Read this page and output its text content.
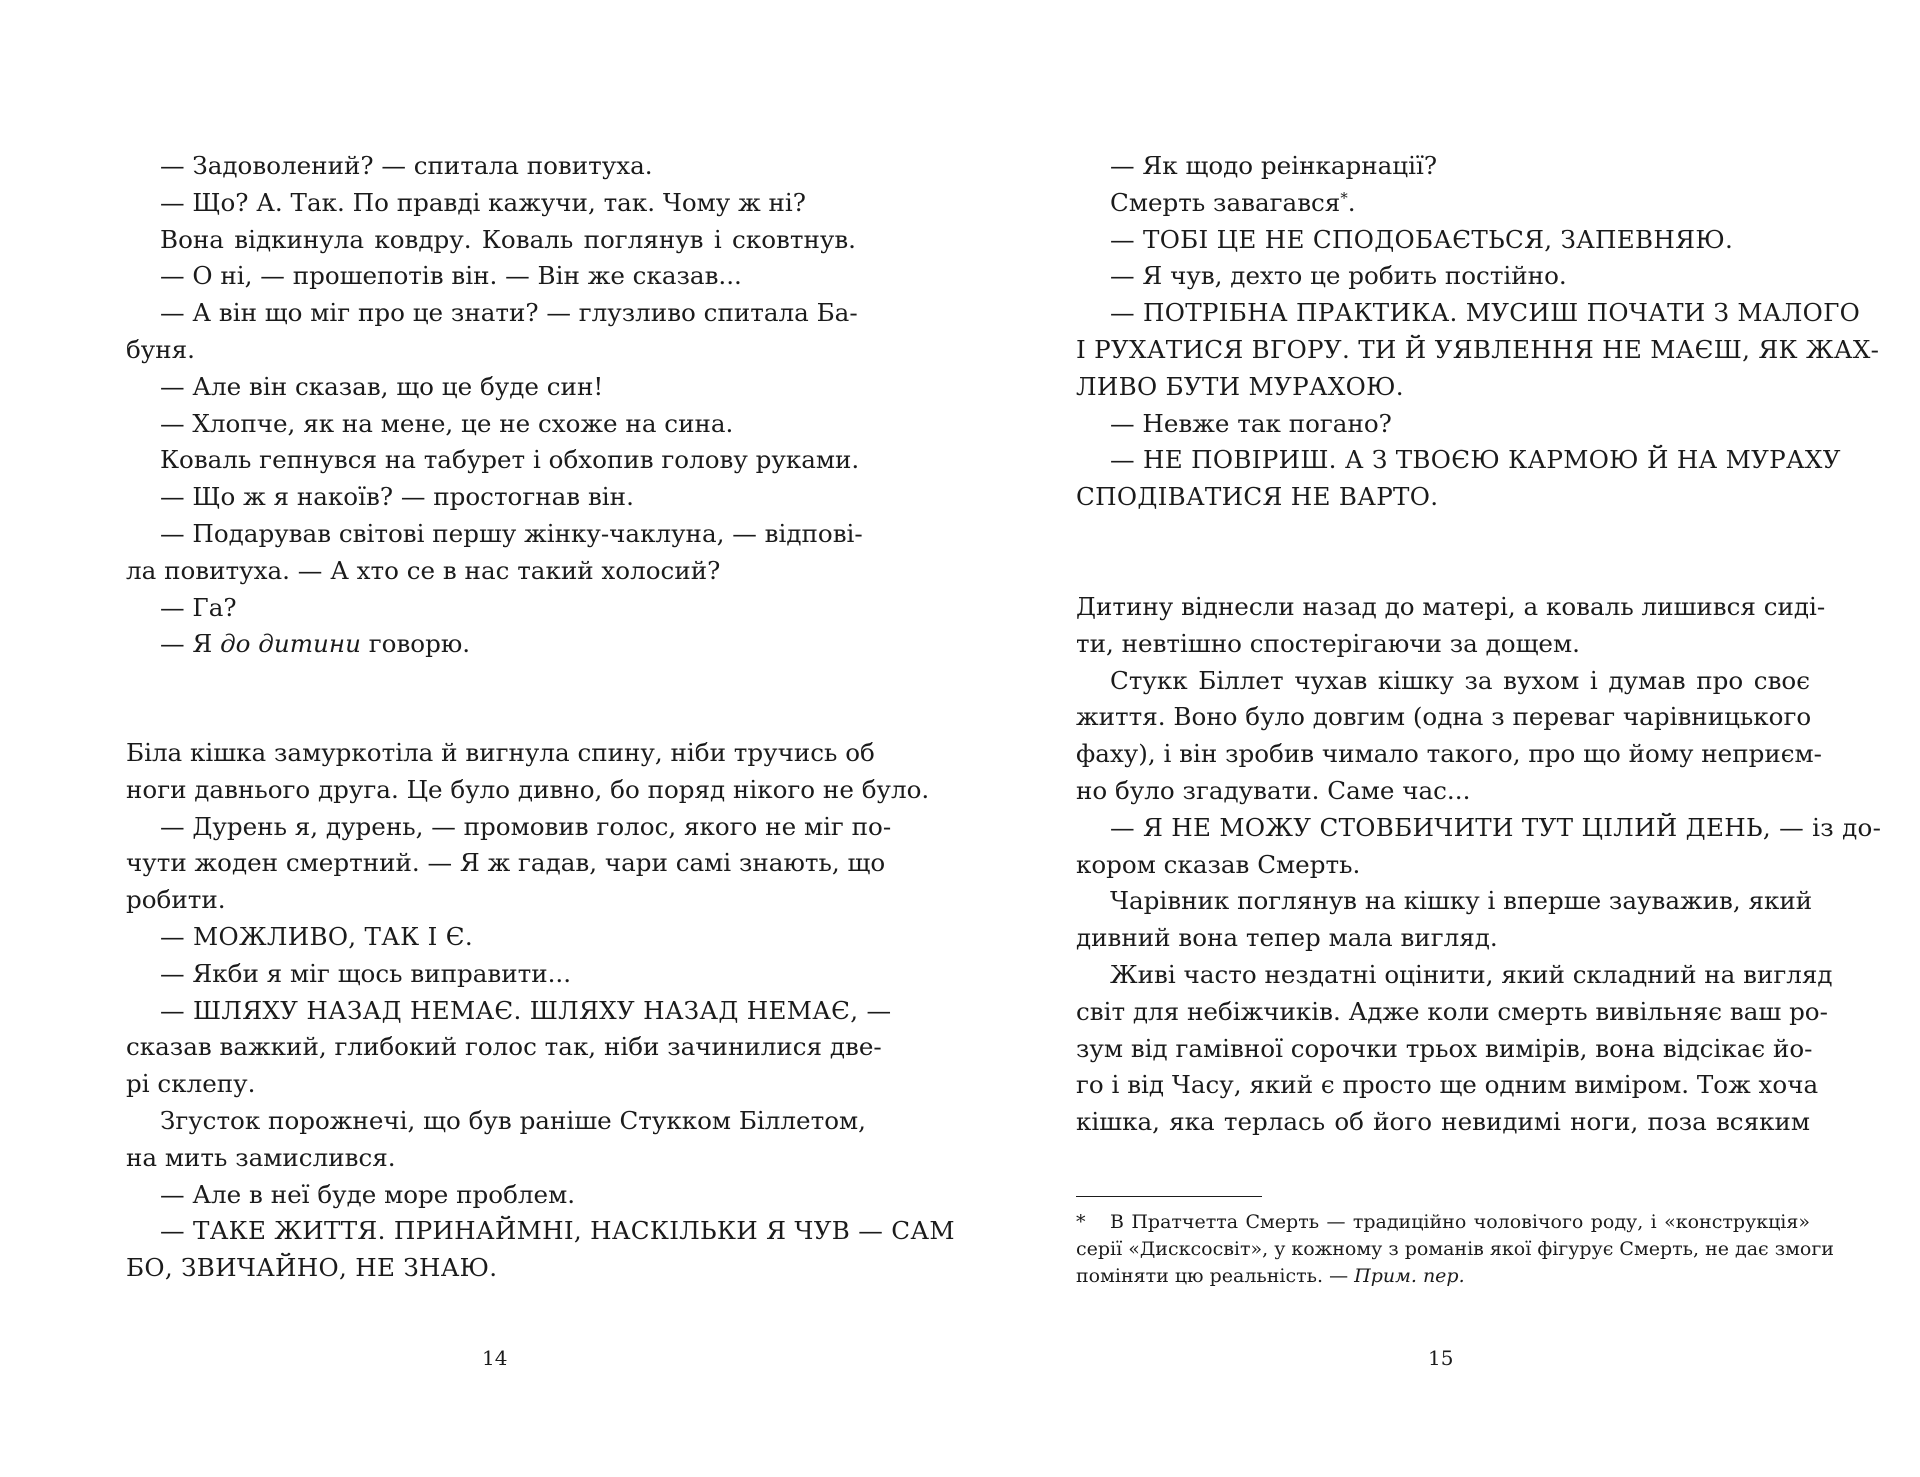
— Задоволений? — спитала повитуха.
— Що? А. Так. По правді кажучи, так. Чому ж ні?
Вона відкинула ковдру. Коваль поглянув і сковтнув.
— О ні, — прошепотів він. — Він же сказав...
— А він що міг про це знати? — глузливо спитала Ба-
буня.
— Але він сказав, що це буде син!
— Хлопче, як на мене, це не схоже на сина.
Коваль гепнувся на табурет і обхопив голову руками.
— Що ж я накоїв? — простогнав він.
— Подарував світові першу жінку-чаклуна, — відпові-
ла повитуха. — А хто се в нас такий холосий?
— Га?
— Я до дитини говорю.
Біла кішка замуркотіла й вигнула спину, ніби тручись об
ноги давнього друга. Це було дивно, бо поряд нікого не було.
— Дурень я, дурень, — промовив голос, якого не міг по-
чути жоден смертний. — Я ж гадав, чари самі знають, що
робити.
— МОЖЛИВО, ТАК І Є.
— Якби я міг щось виправити...
— ШЛЯХУ НАЗАД НЕМАЄ. ШЛЯХУ НАЗАД НЕМАЄ, —
сказав важкий, глибокий голос так, ніби зачинилися две-
рі склепу.
Згусток порожнечі, що був раніше Стукком Біллетом,
на мить замислився.
— Але в неї буде море проблем.
— ТАКЕ ЖИТТЯ. ПРИНАЙМНІ, НАСКІЛЬКИ Я ЧУВ — САМ
БО, ЗВИЧАЙНО, НЕ ЗНАЮ.
14
— Як щодо реінкарнації?
Смерть завагався*.
— ТОБІ ЦЕ НЕ СПОДОБАЄТЬСЯ, ЗАПЕВНЯЮ.
— Я чув, дехто це робить постійно.
— ПОТРІБНА ПРАКТИКА. МУСИШ ПОЧАТИ З МАЛОГО
І РУХАТИСЯ ВГОРУ. ТИ Й УЯВЛЕННЯ НЕ МАЄШ, ЯК ЖАХ-
ЛИВО БУТИ МУРАХОЮ.
— Невже так погано?
— НЕ ПОВІРИШ. А З ТВОЄЮ КАРМОЮ Й НА МУРАХУ
СПОДІВАТИСЯ НЕ ВАРТО.
Дитину віднесли назад до матері, а коваль лишився сиді-
ти, невтішно спостерігаючи за дощем.
Стукк Біллет чухав кішку за вухом і думав про своє
життя. Воно було довгим (одна з переваг чарівницького
фаху), і він зробив чимало такого, про що йому неприєм-
но було згадувати. Саме час...
— Я НЕ МОЖУ СТОВБИЧИТИ ТУТ ЦІЛИЙ ДЕНЬ, — із до-
кором сказав Смерть.
Чарівник поглянув на кішку і вперше зауважив, який
дивний вона тепер мала вигляд.
Живі часто нездатні оцінити, який складний на вигляд
світ для небіжчиків. Адже коли смерть вивільняє ваш ро-
зум від гамівної сорочки трьох вимірів, вона відсікає йо-
го і від Часу, який є просто ще одним виміром. Тож хоча
кішка, яка терлась об його невидимі ноги, поза всяким
*	В Пратчетта Смерть — традиційно чоловічого роду, і «конструкція»
серії «Дисксосвіт», у кожному з романів якої фігурує Смерть, не дає змоги
поміняти цю реальність. — Прим. пер.
15
